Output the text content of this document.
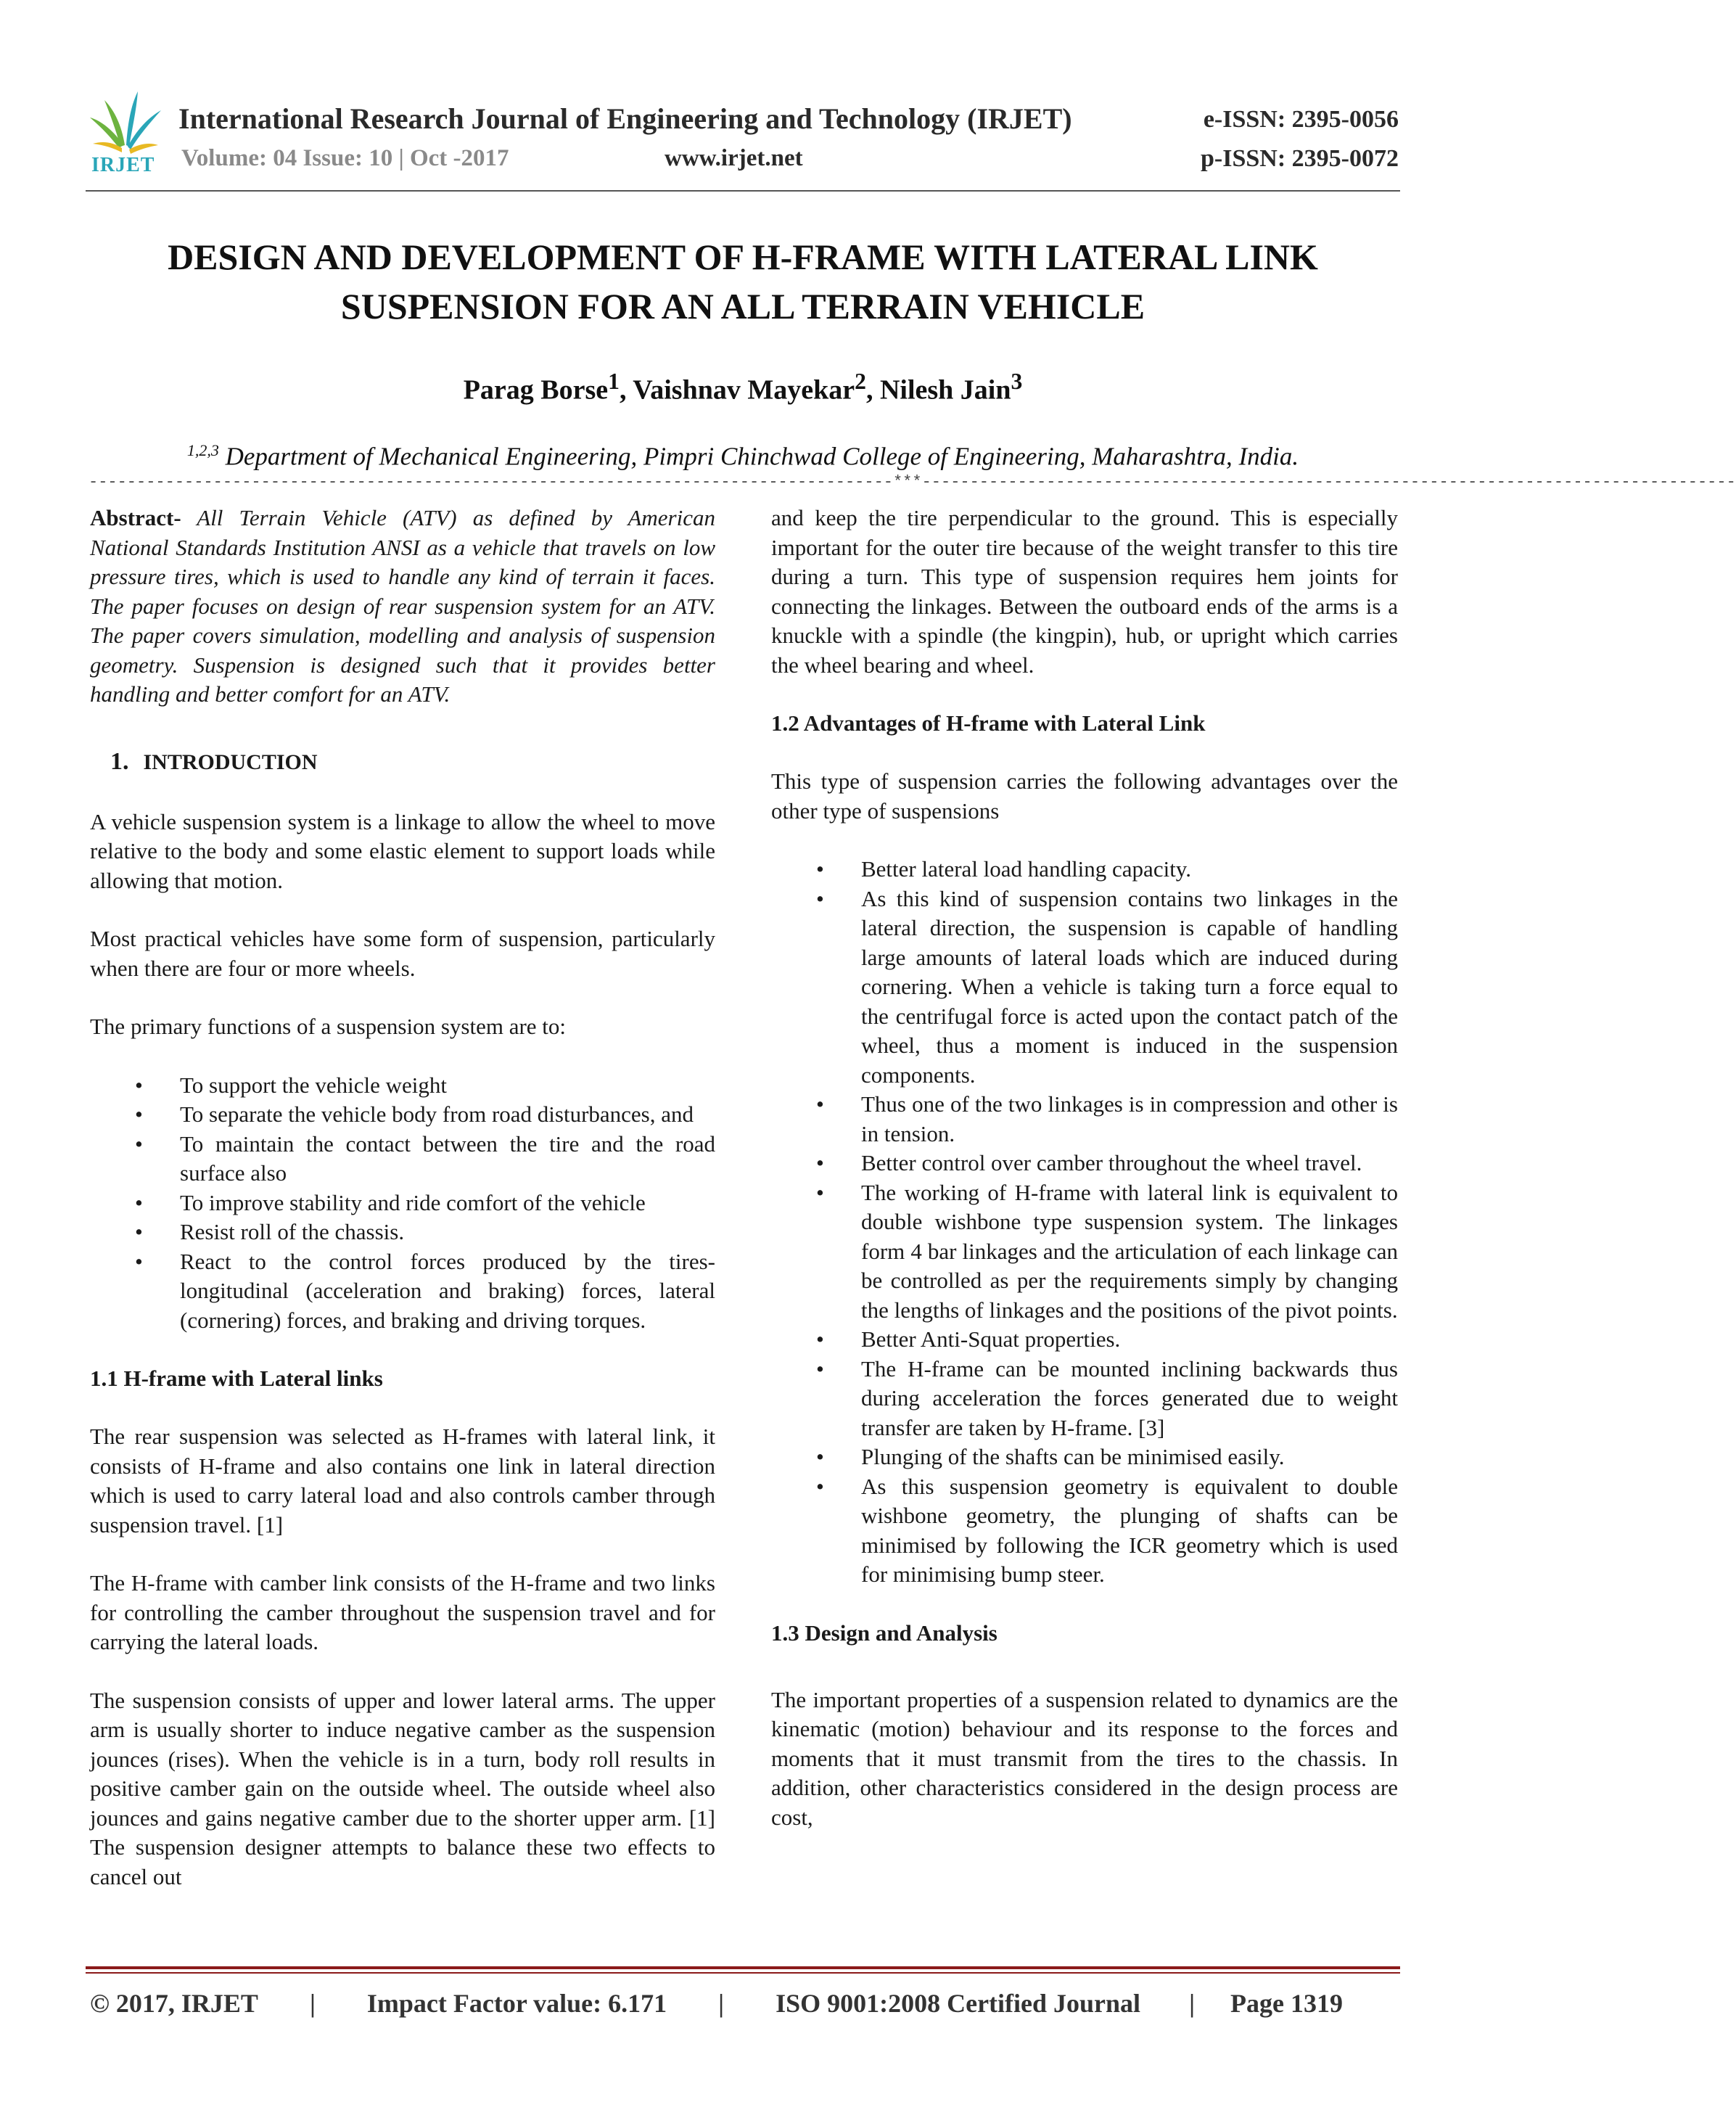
IRJET
International Research Journal of Engineering and Technology (IRJET)	e-ISSN: 2395-0056
Volume: 04 Issue: 10 | Oct -2017	www.irjet.net	p-ISSN: 2395-0072
DESIGN AND DEVELOPMENT OF H-FRAME WITH LATERAL LINK
SUSPENSION FOR AN ALL TERRAIN VEHICLE
Parag Borse$^1$, Vaishnav Mayekar$^2$, Nilesh Jain$^3$
$^{1,2,3}$ Department of Mechanical Engineering, Pimpri Chinchwad College of Engineering, Maharashtra, India.
------------------------------------------------------------------------------------***-------------------------------------------------------------------------------------

Abstract- All Terrain Vehicle (ATV) as defined by American National Standards Institution ANSI as a vehicle that travels on low pressure tires, which is used to handle any kind of terrain it faces. The paper focuses on design of rear suspension system for an ATV. The paper covers simulation, modelling and analysis of suspension geometry. Suspension is designed such that it provides better handling and better comfort for an ATV.

1. INTRODUCTION

A vehicle suspension system is a linkage to allow the wheel to move relative to the body and some elastic element to support loads while allowing that motion.

Most practical vehicles have some form of suspension, particularly when there are four or more wheels.

The primary functions of a suspension system are to:

• To support the vehicle weight
• To separate the vehicle body from road disturbances, and
• To maintain the contact between the tire and the road surface also
• To improve stability and ride comfort of the vehicle
• Resist roll of the chassis.
• React to the control forces produced by the tires- longitudinal (acceleration and braking) forces, lateral (cornering) forces, and braking and driving torques.
1.1 H-frame with Lateral links

The rear suspension was selected as H-frames with lateral link, it consists of H-frame and also contains one link in lateral direction which is used to carry lateral load and also controls camber through suspension travel. [1]

The H-frame with camber link consists of the H-frame and two links for controlling the camber throughout the suspension travel and for carrying the lateral loads.

The suspension consists of upper and lower lateral arms. The upper arm is usually shorter to induce negative camber as the suspension jounces (rises). When the vehicle is in a turn, body roll results in positive camber gain on the outside wheel. The outside wheel also jounces and gains negative camber due to the shorter upper arm. [1] The suspension designer attempts to balance these two effects to cancel out

and keep the tire perpendicular to the ground. This is especially important for the outer tire because of the weight transfer to this tire during a turn. This type of suspension requires hem joints for connecting the linkages. Between the outboard ends of the arms is a knuckle with a spindle (the kingpin), hub, or upright which carries the wheel bearing and wheel.

1.2 Advantages of H-frame with Lateral Link

This type of suspension carries the following advantages over the other type of suspensions

• Better lateral load handling capacity.
• As this kind of suspension contains two linkages in the lateral direction, the suspension is capable of handling large amounts of lateral loads which are induced during cornering. When a vehicle is taking turn a force equal to the centrifugal force is acted upon the contact patch of the wheel, thus a moment is induced in the suspension components.
• Thus one of the two linkages is in compression and other is in tension.
• Better control over camber throughout the wheel travel.
• The working of H-frame with lateral link is equivalent to double wishbone type suspension system. The linkages form 4 bar linkages and the articulation of each linkage can be controlled as per the requirements simply by changing the lengths of linkages and the positions of the pivot points.
• Better Anti-Squat properties.
• The H-frame can be mounted inclining backwards thus during acceleration the forces generated due to weight transfer are taken by H-frame. [3]
• Plunging of the shafts can be minimised easily.
• As this suspension geometry is equivalent to double wishbone geometry, the plunging of shafts can be minimised by following the ICR geometry which is used for minimising bump steer.
1.3 Design and Analysis

The important properties of a suspension related to dynamics are the kinematic (motion) behaviour and its response to the forces and moments that it must transmit from the tires to the chassis. In addition, other characteristics considered in the design process are cost,

© 2017, IRJET | Impact Factor value: 6.171 | ISO 9001:2008 Certified Journal | Page 1319
